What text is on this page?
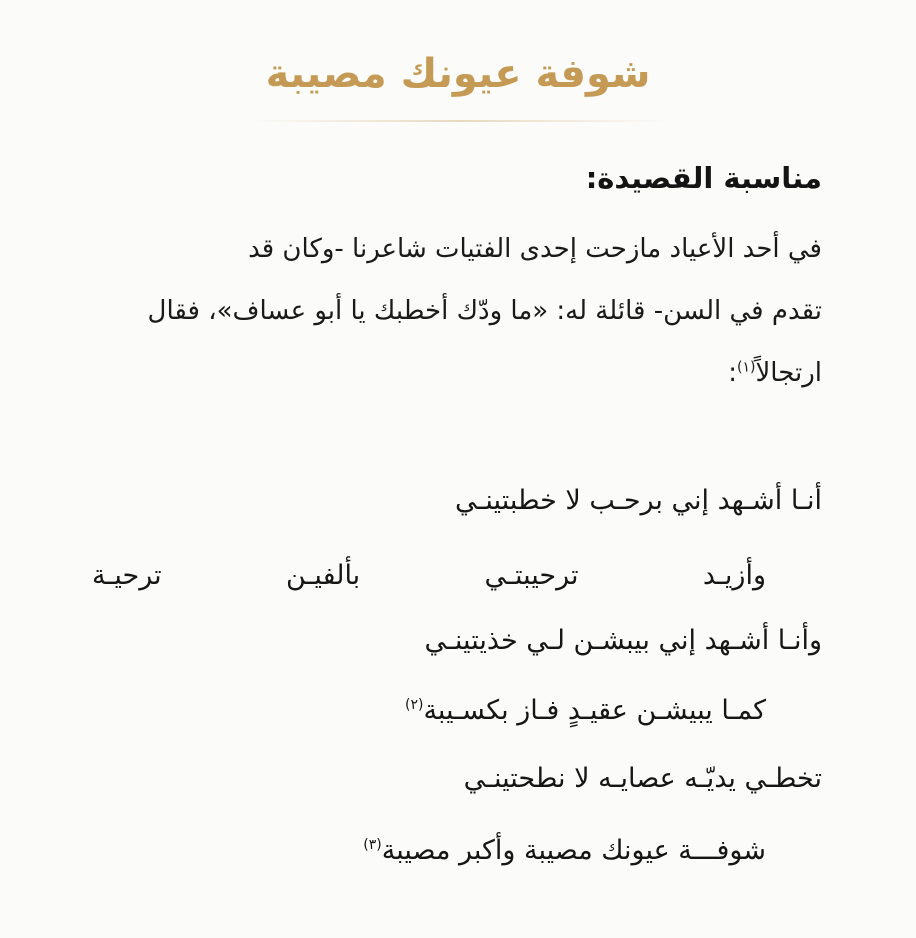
شوفة عيونك مصيبة
مناسبة القصيدة:
في أحد الأعياد مازحت إحدى الفتيات شاعرنا -وكان قد
تقدم في السن- قائلة له: «ما ودّك أخطبك يا أبو عساف»، فقال
ارتجالاً$^{(١)}$:
أنـا أشـهد إني برحـب لا خطبتينـي
وأزيـد ترحيبتـي بألفيـن ترحيـة
وأنـا أشـهد إني بيبشـن لـي خذيتينـي
كمـا يبيشـن عقيـدٍ فـاز بكسـيبة$^{(٢)}$
تخطـي يديّـه عصايـه لا نطحتينـي
شوفـــة عيونك مصيبة وأكبر مصيبة$^{(٣)}$
